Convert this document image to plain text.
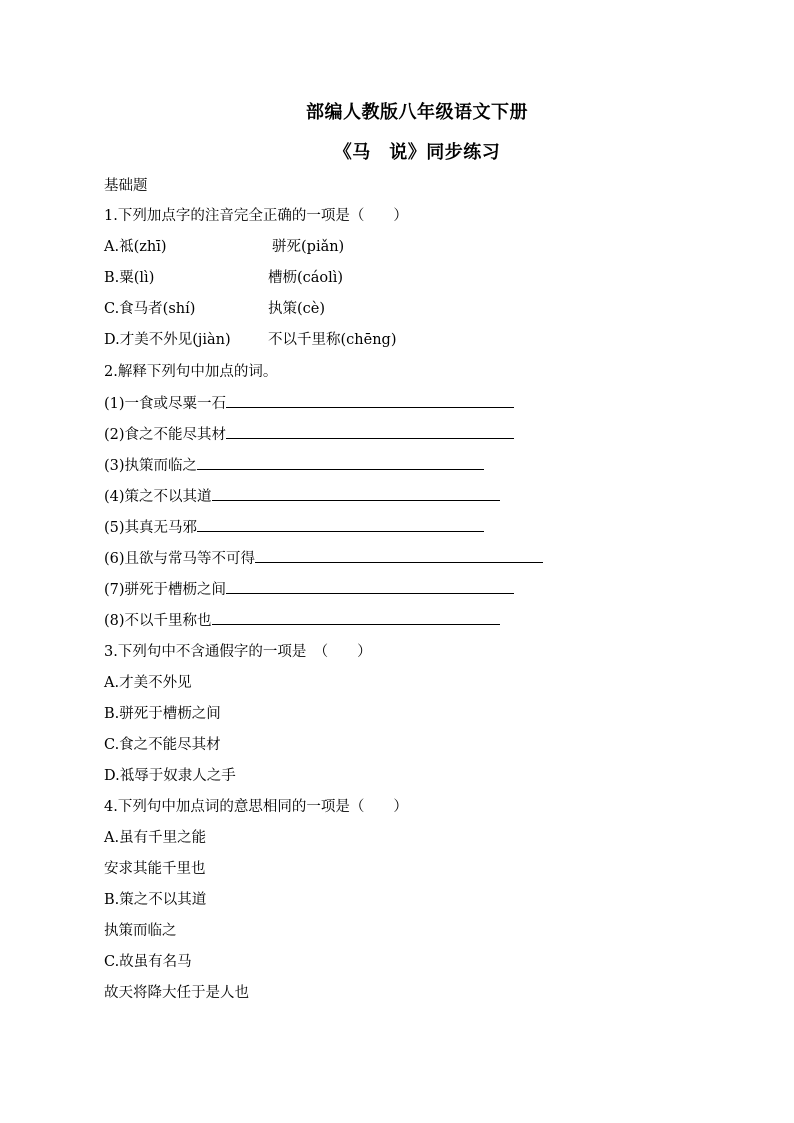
部编人教版八年级语文下册
《马　说》同步练习
基础题
1.下列加点字的注音完全正确的一项是（　　）
A.祗(zhī)	骈死(piǎn)
B.粟(lì)	槽枥(cáolì)
C.食马者(shí)	执策(cè)
D.才美不外见(jiàn)	不以千里称(chēng)
2.解释下列句中加点的词。
(1)一食或尽粟一石
(2)食之不能尽其材
(3)执策而临之
(4)策之不以其道
(5)其真无马邪
(6)且欲与常马等不可得
(7)骈死于槽枥之间
(8)不以千里称也
3.下列句中不含通假字的一项是　（　　）
A.才美不外见
B.骈死于槽枥之间
C.食之不能尽其材
D.祗辱于奴隶人之手
4.下列句中加点词的意思相同的一项是（　　）
A.虽有千里之能
安求其能千里也
B.策之不以其道
执策而临之
C.故虽有名马
故天将降大任于是人也
